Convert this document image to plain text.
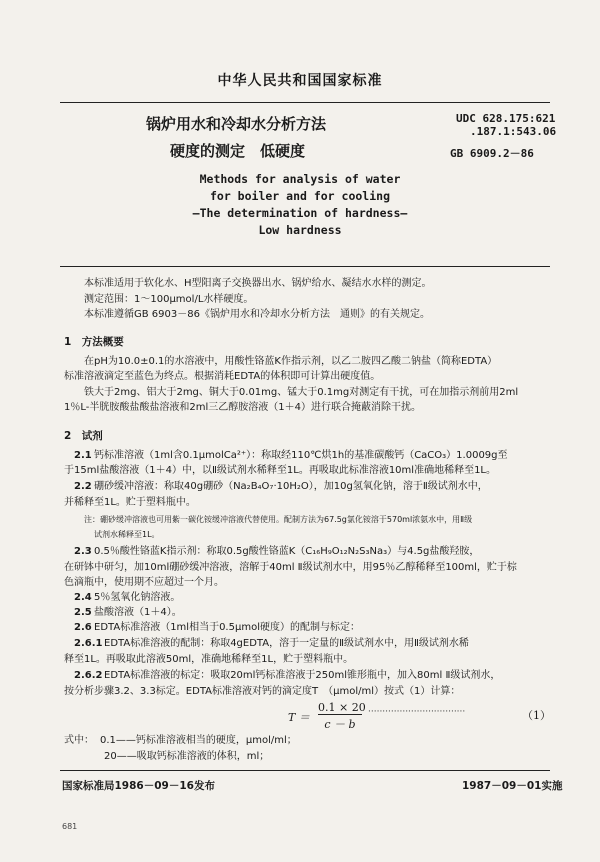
中华人民共和国国家标准
锅炉用水和冷却水分析方法
硬度的测定　低硬度
UDC 628.175:621
.187.1:543.06
GB 6909.2－86
Methods for analysis of water
for boiler and for cooling
—The determination of hardness—
Low hardness
本标准适用于软化水、H型阳离子交换器出水、锅炉给水、凝结水水样的测定。
测定范围：1～100μmol/L水样硬度。
本标准遵循GB 6903－86《锅炉用水和冷却水分析方法　通则》的有关规定。
1　方法概要
在pH为10.0±0.1的水溶液中，用酸性铬蓝K作指示剂，以乙二胺四乙酸二钠盐（简称EDTA）
标准溶液滴定至蓝色为终点。根据消耗EDTA的体积即可计算出硬度值。
铁大于2mg、铝大于2mg、铜大于0.01mg、锰大于0.1mg对测定有干扰，可在加指示剂前用2ml
1％L-半胱胺酸盐酸盐溶液和2ml三乙醇胺溶液（1＋4）进行联合掩蔽消除干扰。
2　试剂
2.1 钙标准溶液（1ml含0.1μmolCa²⁺）：称取经110℃烘1h的基准碳酸钙（CaCO₃）1.0009g至
于15ml盐酸溶液（1＋4）中，以Ⅱ级试剂水稀释至1L。再吸取此标准溶液10ml准确地稀释至1L。
2.2 硼砂缓冲溶液：称取40g硼砂（Na₂B₄O₇·10H₂O），加10g氢氧化钠，溶于Ⅱ级试剂水中，
并稀释至1L。贮于塑料瓶中。
注：硼砂缓冲溶液也可用紫一碳化铵缓冲溶液代替使用。配制方法为67.5g氯化铵溶于570ml浓氨水中，用Ⅱ级
试剂水稀释至1L。
2.3 0.5％酸性铬蓝K指示剂：称取0.5g酸性铬蓝K（C₁₆H₉O₁₂N₂S₃Na₃）与4.5g盐酸羟胺，
在研钵中研匀，加10ml硼砂缓冲溶液，溶解于40ml Ⅱ级试剂水中，用95％乙醇稀释至100ml，贮于棕
色滴瓶中，使用期不应超过一个月。
2.4 5％氢氧化钠溶液。
2.5 盐酸溶液（1＋4）。
2.6 EDTA标准溶液（1ml相当于0.5μmol硬度）的配制与标定：
2.6.1 EDTA标准溶液的配制：称取4gEDTA，溶于一定量的Ⅱ级试剂水中，用Ⅱ级试剂水稀
释至1L。再吸取此溶液50ml，准确地稀释至1L，贮于塑料瓶中。
2.6.2 EDTA标准溶液的标定：吸取20ml钙标准溶液于250ml锥形瓶中，加入80ml Ⅱ级试剂水，
按分析步骤3.2、3.3标定。EDTA标准溶液对钙的滴定度T　（μmol/ml）按式（1）计算：
T ＝
0.1 × 20
c － b
··································	（1）
式中： 0.1——钙标准溶液相当的硬度，μmol/ml；
20——吸取钙标准溶液的体积，ml；
国家标准局1986－09－16发布	1987－09－01实施
681
